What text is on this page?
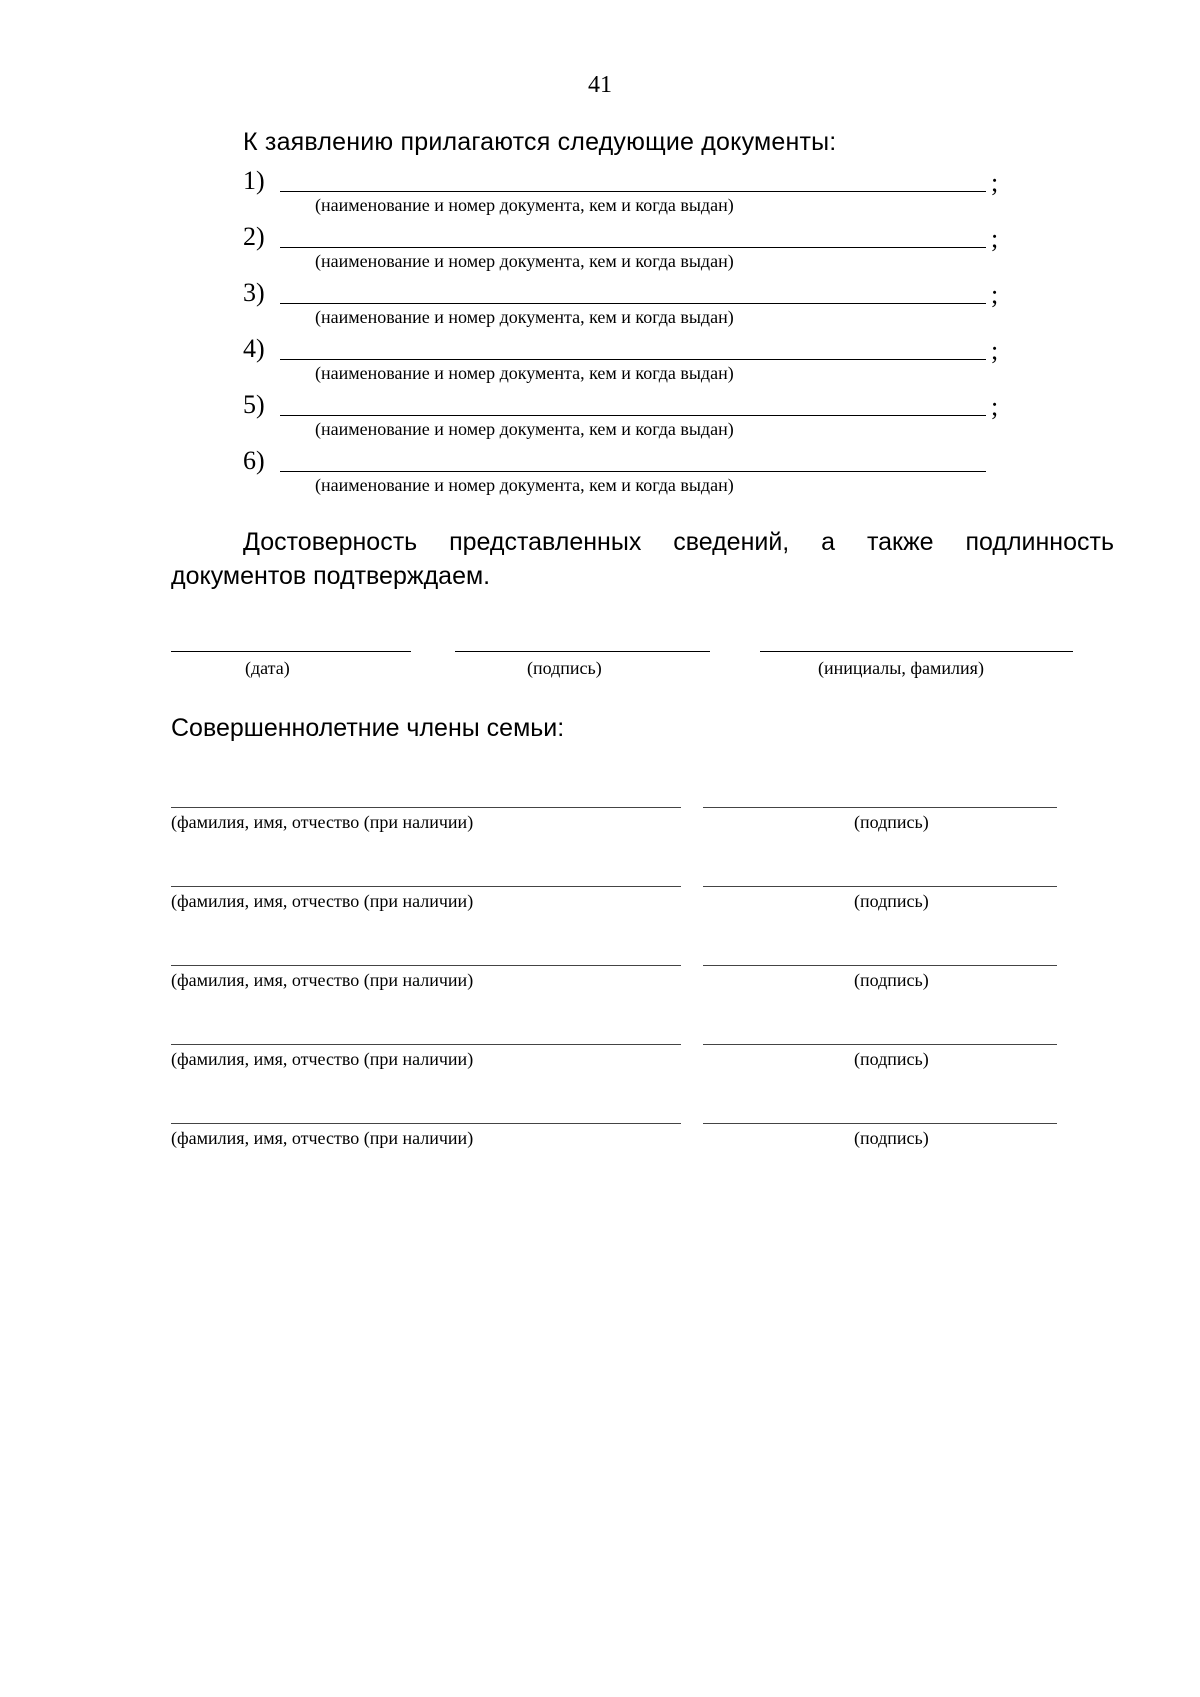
41
К заявлению прилагаются следующие документы:
1)	;
(наименование и номер документа, кем и когда выдан)
2)	;
(наименование и номер документа, кем и когда выдан)
3)	;
(наименование и номер документа, кем и когда выдан)
4)	;
(наименование и номер документа, кем и когда выдан)
5)	;
(наименование и номер документа, кем и когда выдан)
6)
(наименование и номер документа, кем и когда выдан)
Достоверность представленных сведений, а также подлинность
документов подтверждаем.
(дата)	(подпись)	(инициалы, фамилия)
Совершеннолетние члены семьи:
(фамилия, имя, отчество (при наличии)	(подпись)
(фамилия, имя, отчество (при наличии)	(подпись)
(фамилия, имя, отчество (при наличии)	(подпись)
(фамилия, имя, отчество (при наличии)	(подпись)
(фамилия, имя, отчество (при наличии)	(подпись)
